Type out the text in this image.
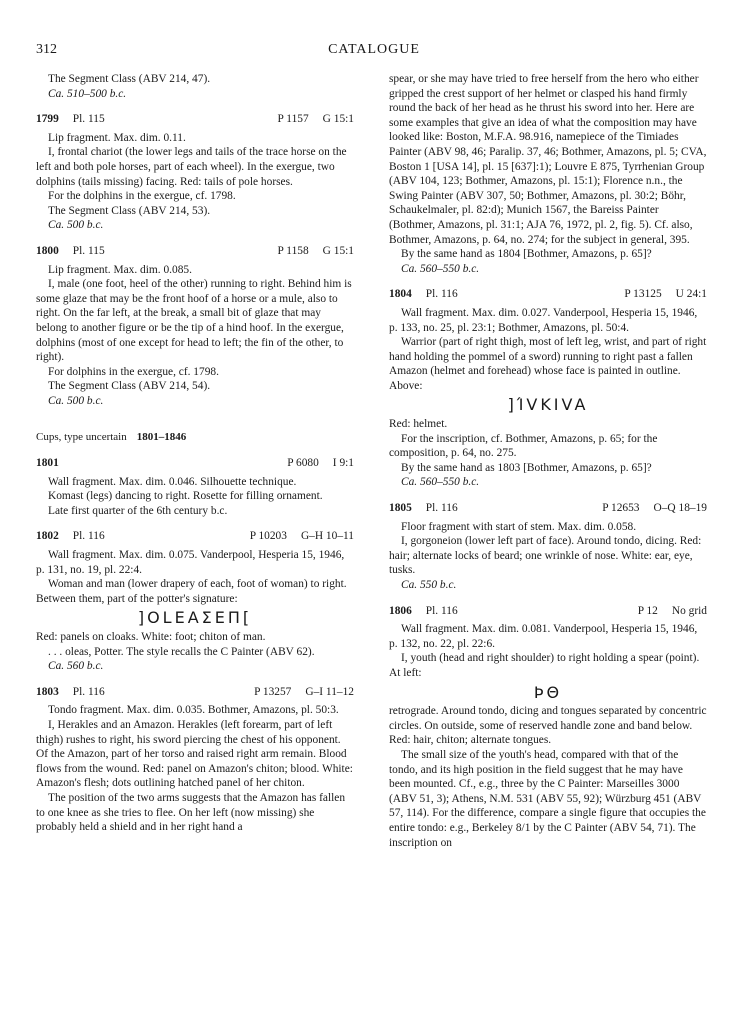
312	CATALOGUE

The Segment Class (ABV 214, 47).

Ca. 510–500 b.c.

1799 Pl. 115	P 1157 G 15:1

Lip fragment. Max. dim. 0.11.

I, frontal chariot (the lower legs and tails of the trace horse on the left and both pole horses, part of each wheel). In the exergue, two dolphins (tails missing) facing. Red: tails of pole horses.

For the dolphins in the exergue, cf. 1798.

The Segment Class (ABV 214, 53).

Ca. 500 b.c.

1800 Pl. 115	P 1158 G 15:1

Lip fragment. Max. dim. 0.085.

I, male (one foot, heel of the other) running to right. Behind him is some glaze that may be the front hoof of a horse or a mule, also to right. On the far left, at the break, a small bit of glaze that may belong to another figure or be the tip of a hind hoof. In the exergue, dolphins (most of one except for head to left; the fin of the other, to right).

For dolphins in the exergue, cf. 1798.

The Segment Class (ABV 214, 54).

Ca. 500 b.c.

Cups, type uncertain 1801–1846
1801	P 6080 I 9:1

Wall fragment. Max. dim. 0.046. Silhouette technique.

Komast (legs) dancing to right. Rosette for filling ornament.

Late first quarter of the 6th century b.c.

1802 Pl. 116	P 10203 G–H 10–11

Wall fragment. Max. dim. 0.075. Vanderpool, Hesperia 15, 1946, p. 131, no. 19, pl. 22:4.

Woman and man (lower drapery of each, foot of woman) to right. Between them, part of the potter's signature:

]OLEAΣEΠ[

Red: panels on cloaks. White: foot; chiton of man.

. . . oleas, Potter. The style recalls the C Painter (ABV 62).

Ca. 560 b.c.

1803 Pl. 116	P 13257 G–I 11–12

Tondo fragment. Max. dim. 0.035. Bothmer, Amazons, pl. 50:3.

I, Herakles and an Amazon. Herakles (left forearm, part of left thigh) rushes to right, his sword piercing the chest of his opponent. Of the Amazon, part of her torso and raised right arm remain. Blood flows from the wound. Red: panel on Amazon's chiton; blood. White: Amazon's flesh; dots outlining hatched panel of her chiton.

The position of the two arms suggests that the Amazon has fallen to one knee as she tries to flee. On her left (now missing) she probably held a shield and in her right hand a

spear, or she may have tried to free herself from the hero who either gripped the crest support of her helmet or clasped his hand firmly round the back of her head as he thrust his sword into her. Here are some examples that give an idea of what the composition may have looked like: Boston, M.F.A. 98.916, namepiece of the Timiades Painter (ABV 98, 46; Paralip. 37, 46; Bothmer, Amazons, pl. 5; CVA, Boston 1 [USA 14], pl. 15 [637]:1); Louvre E 875, Tyrrhenian Group (ABV 104, 123; Bothmer, Amazons, pl. 15:1); Florence n.n., the Swing Painter (ABV 307, 50; Bothmer, Amazons, pl. 30:2; Böhr, Schaukelmaler, pl. 82:d); Munich 1567, the Bareiss Painter (Bothmer, Amazons, pl. 31:1; AJA 76, 1972, pl. 2, fig. 5). Cf. also, Bothmer, Amazons, p. 64, no. 274; for the subject in general, 395.

By the same hand as 1804 [Bothmer, Amazons, p. 65]?

Ca. 560–550 b.c.

1804 Pl. 116	P 13125 U 24:1

Wall fragment. Max. dim. 0.027. Vanderpool, Hesperia 15, 1946, p. 133, no. 25, pl. 23:1; Bothmer, Amazons, pl. 50:4.

Warrior (part of right thigh, most of left leg, wrist, and part of right hand holding the pommel of a sword) running to right past a fallen Amazon (helmet and forehead) whose face is painted in outline. Above:

]ΊVKIVA

Red: helmet.

For the inscription, cf. Bothmer, Amazons, p. 65; for the composition, p. 64, no. 275.

By the same hand as 1803 [Bothmer, Amazons, p. 65]?

Ca. 560–550 b.c.

1805 Pl. 116	P 12653 O–Q 18–19

Floor fragment with start of stem. Max. dim. 0.058.

I, gorgoneion (lower left part of face). Around tondo, dicing. Red: hair; alternate locks of beard; one wrinkle of nose. White: ear, eye, tusks.

Ca. 550 b.c.

1806 Pl. 116	P 12 No grid

Wall fragment. Max. dim. 0.081. Vanderpool, Hesperia 15, 1946, p. 132, no. 22, pl. 22:6.

I, youth (head and right shoulder) to right holding a spear (point). At left:

ÞΘ

retrograde. Around tondo, dicing and tongues separated by concentric circles. On outside, some of reserved handle zone and band below. Red: hair, chiton; alternate tongues.

The small size of the youth's head, compared with that of the tondo, and its high position in the field suggest that he may have been mounted. Cf., e.g., three by the C Painter: Marseilles 3000 (ABV 51, 3); Athens, N.M. 531 (ABV 55, 92); Würzburg 451 (ABV 57, 114). For the difference, compare a single figure that occupies the entire tondo: e.g., Berkeley 8/1 by the C Painter (ABV 54, 71). The inscription on
